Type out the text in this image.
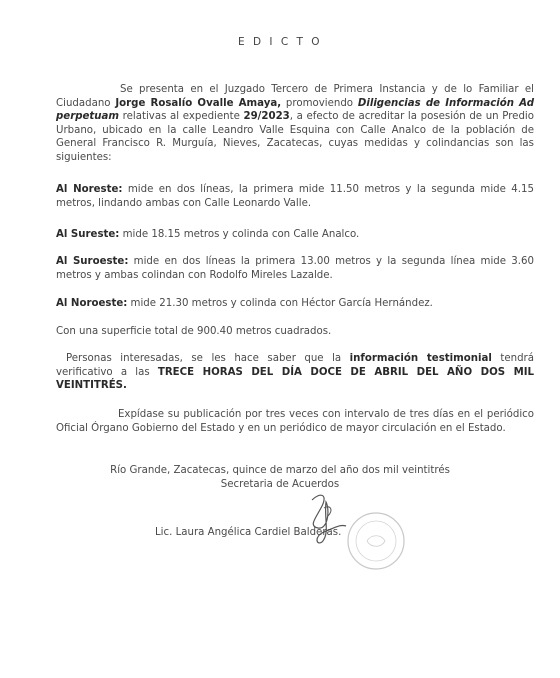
E D I C T O
Se presenta en el Juzgado Tercero de Primera Instancia y de lo Familiar el Ciudadano Jorge Rosalío Ovalle Amaya, promoviendo Diligencias de Información Ad perpetuam relativas al expediente 29/2023, a efecto de acreditar la posesión de un Predio Urbano, ubicado en la calle Leandro Valle Esquina con Calle Analco de la población de General Francisco R. Murguía, Nieves, Zacatecas, cuyas medidas y colindancias son las siguientes:
Al Noreste: mide en dos líneas, la primera mide 11.50 metros y la segunda mide 4.15 metros, lindando ambas con Calle Leonardo Valle.
Al Sureste: mide 18.15 metros y colinda con Calle Analco.
Al Suroeste: mide en dos líneas la primera 13.00 metros y la segunda línea mide 3.60 metros y ambas colindan con Rodolfo Mireles Lazalde.
Al Noroeste: mide 21.30 metros y colinda con Héctor García Hernández.
Con una superficie total de 900.40 metros cuadrados.
Personas interesadas, se les hace saber que la información testimonial tendrá verificativo a las TRECE HORAS DEL DÍA DOCE DE ABRIL DEL AÑO DOS MIL VEINTITRÉS.
Expídase su publicación por tres veces con intervalo de tres días en el periódico Oficial Órgano Gobierno del Estado y en un periódico de mayor circulación en el Estado.
Río Grande, Zacatecas, quince de marzo del año dos mil veintitrés
Secretaria de Acuerdos
Lic. Laura Angélica Cardiel Balderas.
